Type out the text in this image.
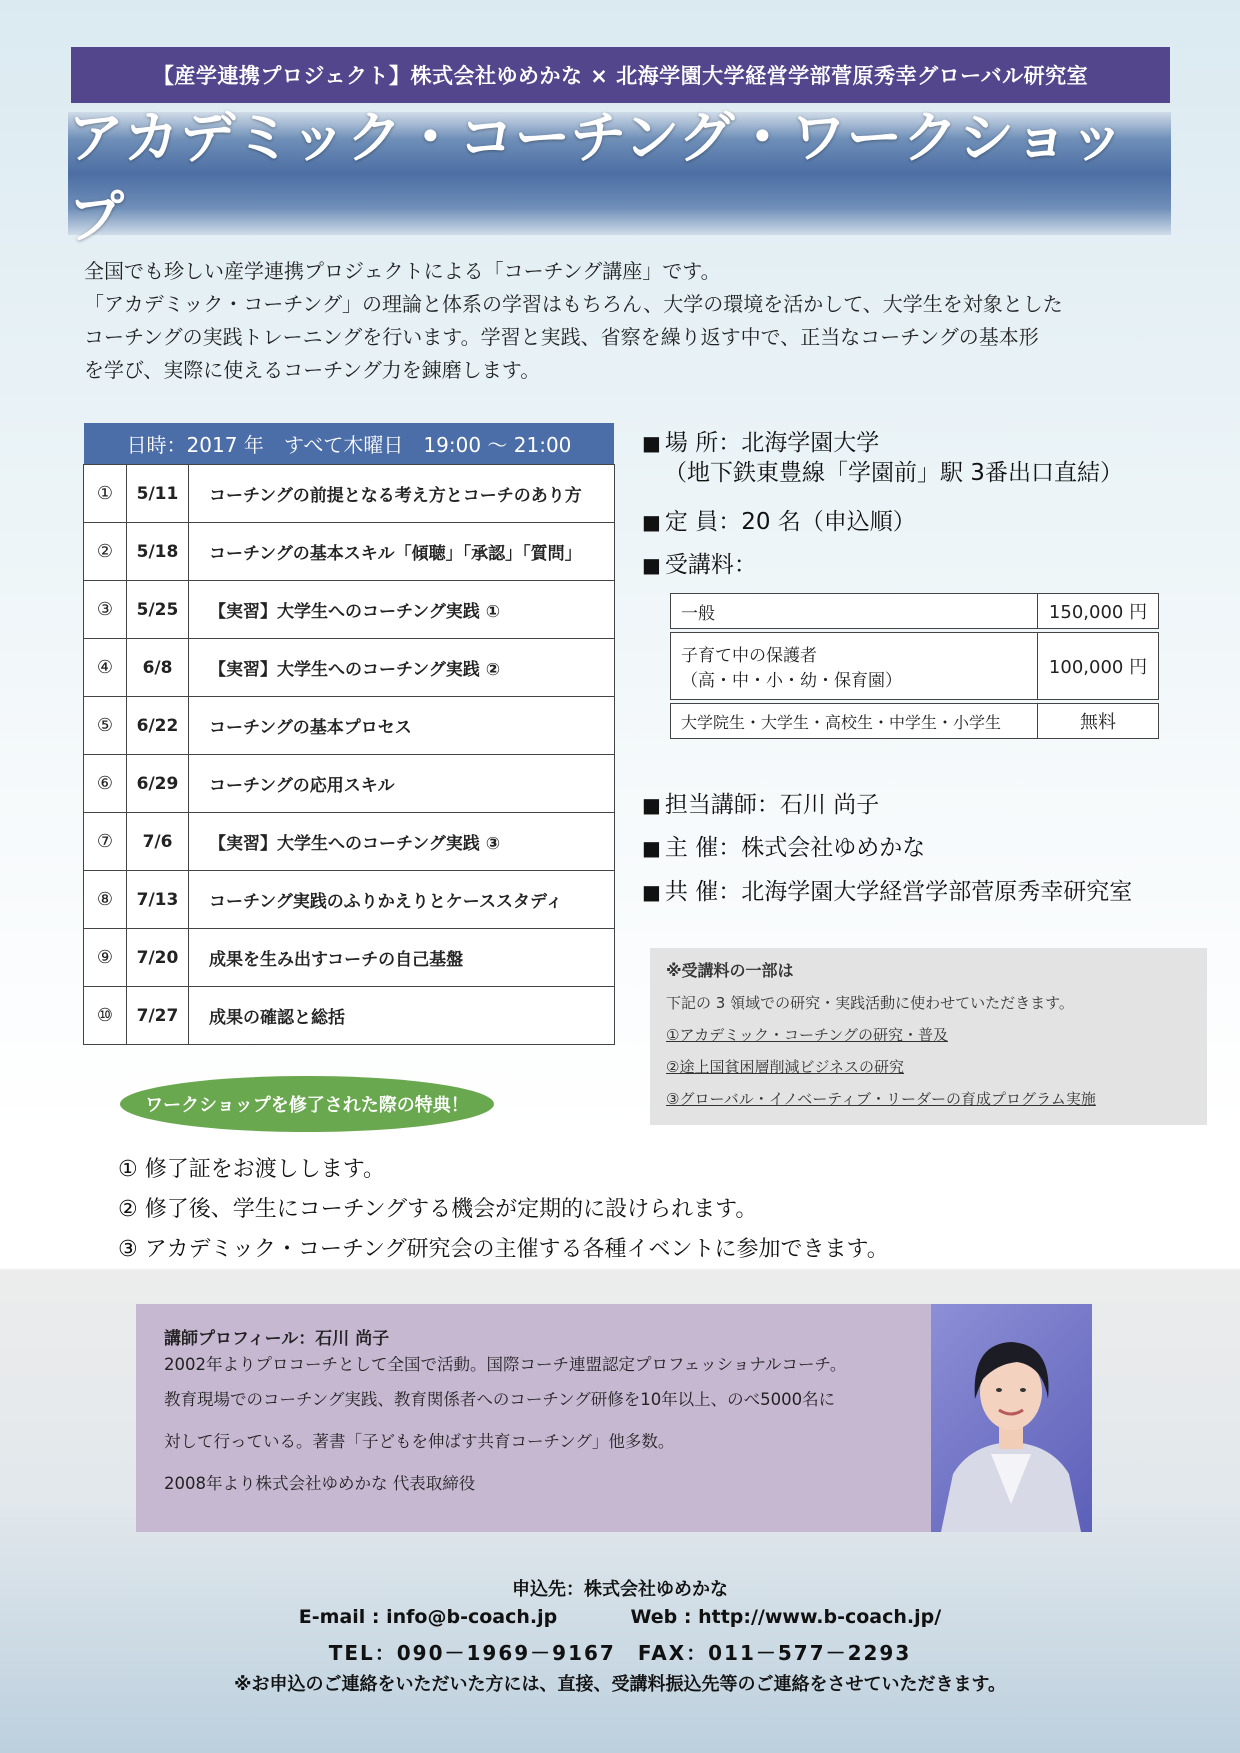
【産学連携プロジェクト】株式会社ゆめかな × 北海学園大学経営学部菅原秀幸グローバル研究室
アカデミック・コーチング・ワークショップ
全国でも珍しい産学連携プロジェクトによる「コーチング講座」です。
「アカデミック・コーチング」の理論と体系の学習はもちろん、大学の環境を活かして、大学生を対象とした
コーチングの実践トレーニングを行います。学習と実践、省察を繰り返す中で、正当なコーチングの基本形
を学び、実際に使えるコーチング力を錬磨します。
日時：2017 年　すべて木曜日　19:00 〜 21:00
①	5/11	コーチングの前提となる考え方とコーチのあり方
②	5/18	コーチングの基本スキル「傾聴」「承認」「質問」
③	5/25	【実習】大学生へのコーチング実践 ①
④	6/8	【実習】大学生へのコーチング実践 ②
⑤	6/22	コーチングの基本プロセス
⑥	6/29	コーチングの応用スキル
⑦	7/6	【実習】大学生へのコーチング実践 ③
⑧	7/13	コーチング実践のふりかえりとケーススタディ
⑨	7/20	成果を生み出すコーチの自己基盤
⑩	7/27	成果の確認と総括
■ 場 所：北海学園大学
（地下鉄東豊線「学園前」駅 3番出口直結）
■ 定 員：20 名（申込順）
■ 受講料：
一般	150,000 円

子育て中の保護者
（高・中・小・幼・保育園）	100,000 円
大学院生・大学生・高校生・中学生・小学生	無料
■ 担当講師：石川 尚子
■ 主 催：株式会社ゆめかな
■ 共 催：北海学園大学経営学部菅原秀幸研究室
※受講料の一部は
下記の 3 領域での研究・実践活動に使わせていただきます。
①アカデミック・コーチングの研究・普及
②途上国貧困層削減ビジネスの研究
③グローバル・イノベーティブ・リーダーの育成プログラム実施
ワークショップを修了された際の特典！
① 修了証をお渡しします。
② 修了後、学生にコーチングする機会が定期的に設けられます。
③ アカデミック・コーチング研究会の主催する各種イベントに参加できます。
講師プロフィール：石川 尚子
2002年よりプロコーチとして全国で活動。国際コーチ連盟認定プロフェッショナルコーチ。
教育現場でのコーチング実践、教育関係者へのコーチング研修を10年以上、のべ5000名に
対して行っている。著書「子どもを伸ばす共育コーチング」他多数。
2008年より株式会社ゆめかな 代表取締役
申込先：株式会社ゆめかな
E-mail : info@b-coach.jp	Web : http://www.b-coach.jp/
TEL：090－1969－9167　FAX：011－577－2293
※お申込のご連絡をいただいた方には、直接、受講料振込先等のご連絡をさせていただきます。
